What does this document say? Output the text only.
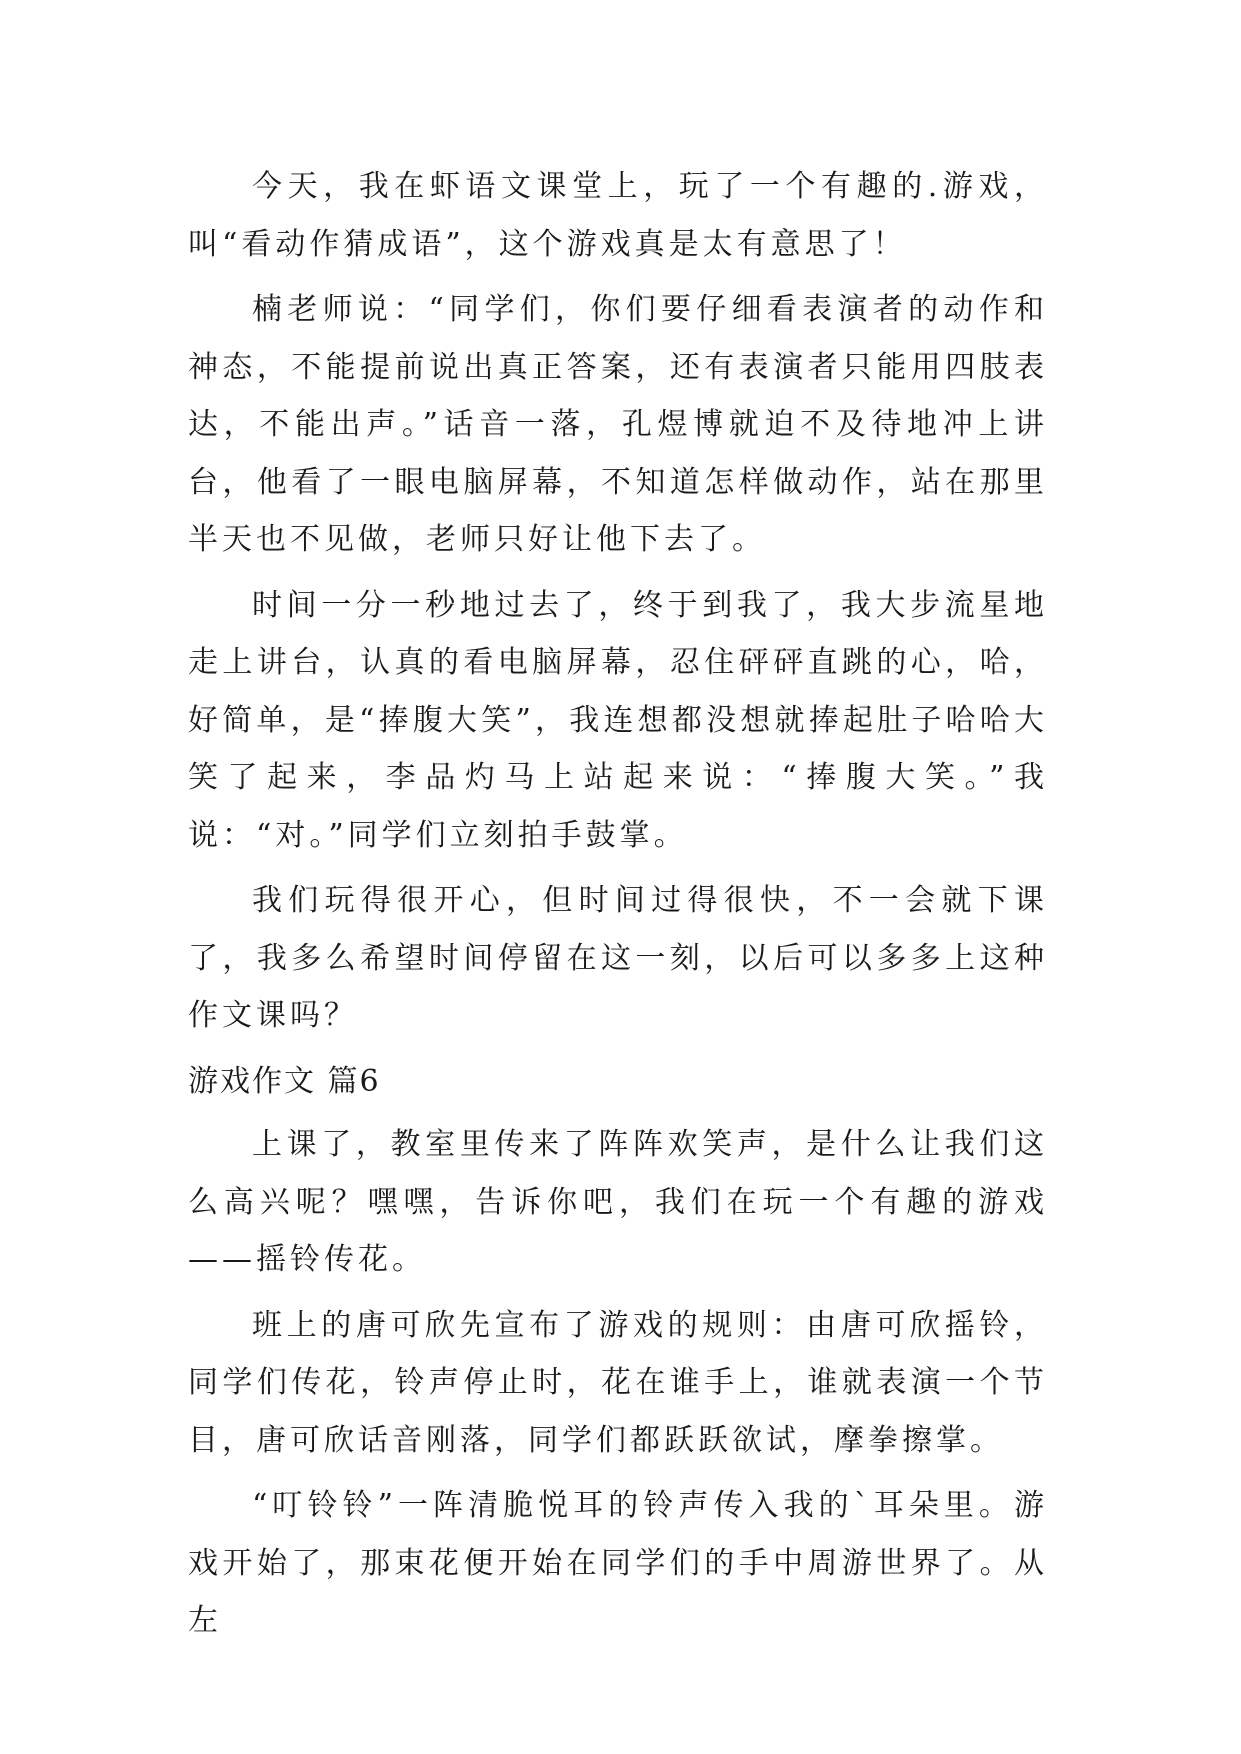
今天，我在虾语文课堂上，玩了一个有趣的.游戏，叫“看动作猜成语”，这个游戏真是太有意思了！

楠老师说：“同学们，你们要仔细看表演者的动作和神态，不能提前说出真正答案，还有表演者只能用四肢表达，不能出声。”话音一落，孔煜博就迫不及待地冲上讲台，他看了一眼电脑屏幕，不知道怎样做动作，站在那里半天也不见做，老师只好让他下去了。

时间一分一秒地过去了，终于到我了，我大步流星地走上讲台，认真的看电脑屏幕，忍住砰砰直跳的心，哈，好简单，是“捧腹大笑”，我连想都没想就捧起肚子哈哈大笑了起来，李品灼马上站起来说：“捧腹大笑。”我说：“对。”同学们立刻拍手鼓掌。

我们玩得很开心，但时间过得很快，不一会就下课了，我多么希望时间停留在这一刻，以后可以多多上这种作文课吗？

游戏作文 篇6

上课了，教室里传来了阵阵欢笑声，是什么让我们这么高兴呢？嘿嘿，告诉你吧，我们在玩一个有趣的游戏——摇铃传花。

班上的唐可欣先宣布了游戏的规则：由唐可欣摇铃，同学们传花，铃声停止时，花在谁手上，谁就表演一个节目，唐可欣话音刚落，同学们都跃跃欲试，摩拳擦掌。

“叮铃铃”一阵清脆悦耳的铃声传入我的`耳朵里。游戏开始了，那束花便开始在同学们的手中周游世界了。从左
